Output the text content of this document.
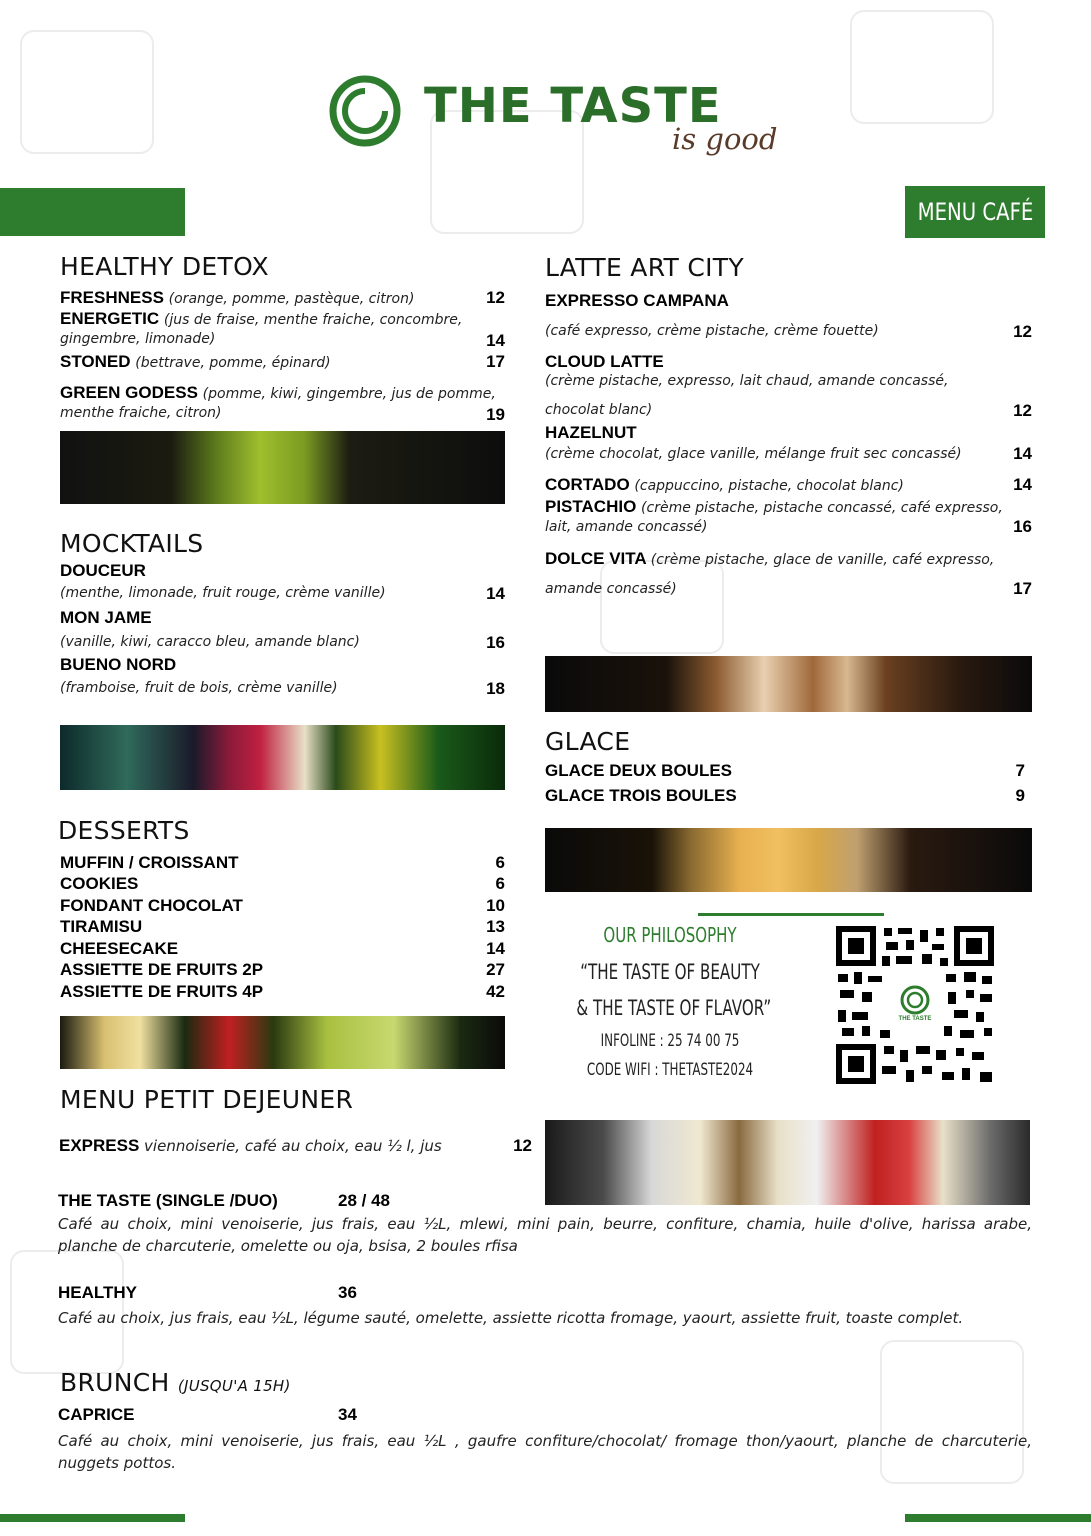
THE TASTE
is good
MENU CAFÉ
HEALTHY DETOX
FRESHNESS (orange, pomme, pastèque, citron)	12
ENERGETIC (jus de fraise, menthe fraiche, concombre,
gingembre, limonade)	14
STONED (bettrave, pomme, épinard)	17
GREEN GODESS (pomme, kiwi, gingembre, jus de pomme,
menthe fraiche, citron)	19
MOCKTAILS
DOUCEUR
(menthe, limonade, fruit rouge, crème vanille)	14
MON JAME
(vanille, kiwi, caracco bleu, amande blanc)	16
BUENO NORD
(framboise, fruit de bois, crème vanille)	18
DESSERTS
MUFFIN / CROISSANT	6
COOKIES	6
FONDANT CHOCOLAT	10
TIRAMISU	13
CHEESECAKE	14
ASSIETTE DE FRUITS 2P	27
ASSIETTE DE FRUITS 4P	42
LATTE ART CITY
EXPRESSO CAMPANA
(café expresso, crème pistache, crème fouette)	12
CLOUD LATTE
(crème pistache, expresso, lait chaud, amande concassé,
chocolat blanc)	12
HAZELNUT
(crème chocolat, glace vanille, mélange fruit sec concassé)	14
CORTADO (cappuccino, pistache, chocolat blanc)	14
PISTACHIO (crème pistache, pistache concassé, café expresso,
lait, amande concassé)	16
DOLCE VITA (crème pistache, glace de vanille, café expresso,
amande concassé)	17
GLACE
GLACE DEUX BOULES	7
GLACE TROIS BOULES	9
OUR PHILOSOPHY
“THE TASTE OF BEAUTY
& THE TASTE OF FLAVOR”
INFOLINE : 25 74 00 75
CODE WIFI : THETASTE2024
THE TASTE
MENU PETIT DEJEUNER
EXPRESS viennoiserie, café au choix, eau ½ l, jus	12
THE TASTE (SINGLE /DUO)	28 / 48
Café au choix, mini venoiserie, jus frais, eau ½L, mlewi, mini pain, beurre, confiture, chamia, huile d'olive, harissa arabe, planche de charcuterie, omelette ou oja, bsisa, 2 boules rfisa
HEALTHY	36
Café au choix, jus frais, eau ½L, légume sauté, omelette, assiette ricotta fromage, yaourt, assiette fruit, toaste complet.
BRUNCH (JUSQU'A 15H)
CAPRICE	34
Café au choix, mini venoiserie, jus frais, eau ½L , gaufre confiture/chocolat/ fromage thon/yaourt, planche de charcuterie, nuggets pottos.
